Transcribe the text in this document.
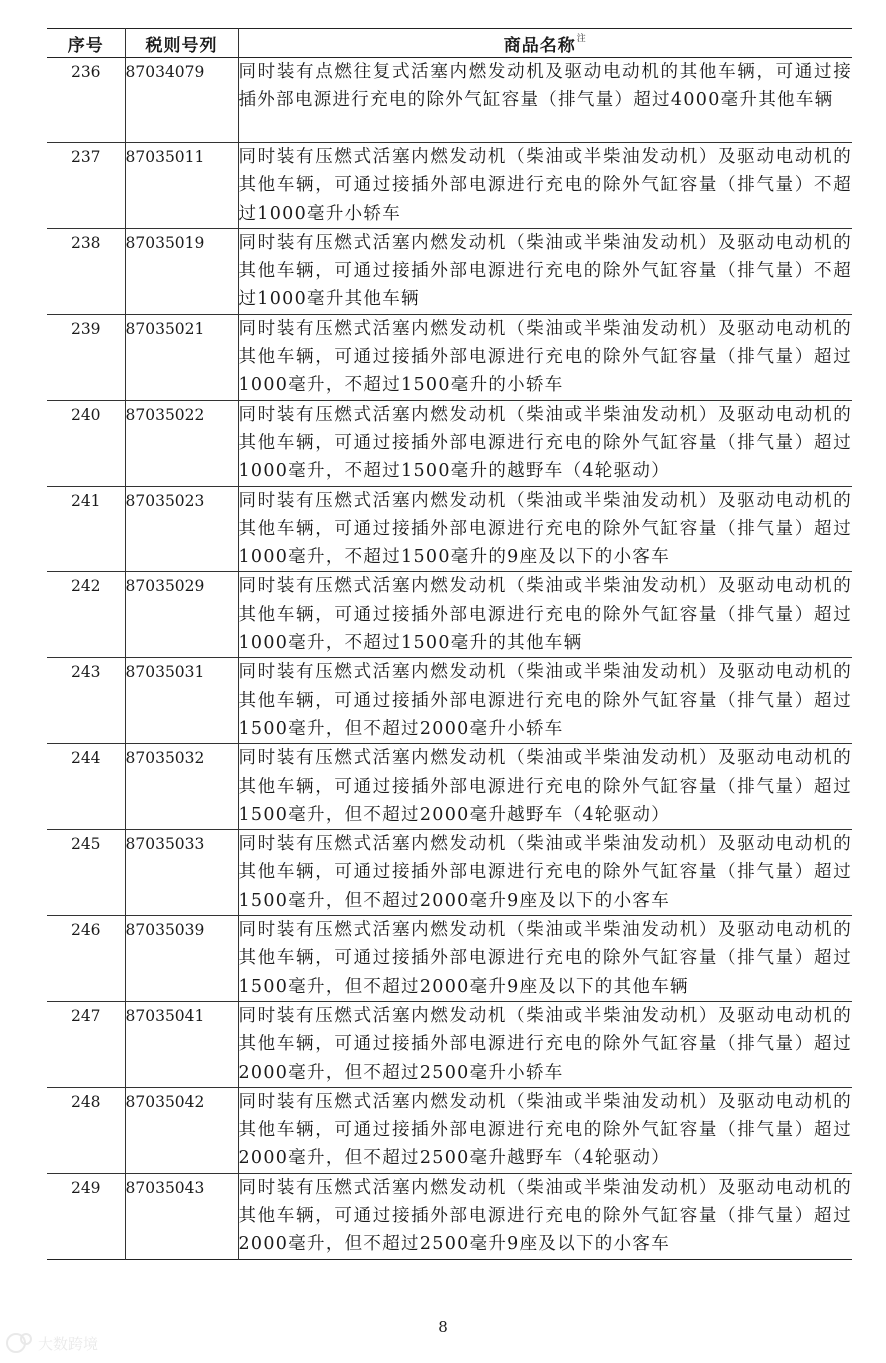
序号	税则号列	商品名称$^注$
236	87034079	同时装有点燃往复式活塞内燃发动机及驱动电动机的其他车辆，可通过接插外部电源进行充电的除外气缸容量（排气量）超过4000毫升其他车辆
237	87035011	同时装有压燃式活塞内燃发动机（柴油或半柴油发动机）及驱动电动机的其他车辆，可通过接插外部电源进行充电的除外气缸容量（排气量）不超过1000毫升小轿车
238	87035019	同时装有压燃式活塞内燃发动机（柴油或半柴油发动机）及驱动电动机的其他车辆，可通过接插外部电源进行充电的除外气缸容量（排气量）不超过1000毫升其他车辆
239	87035021	同时装有压燃式活塞内燃发动机（柴油或半柴油发动机）及驱动电动机的其他车辆，可通过接插外部电源进行充电的除外气缸容量（排气量）超过1000毫升，不超过1500毫升的小轿车
240	87035022	同时装有压燃式活塞内燃发动机（柴油或半柴油发动机）及驱动电动机的其他车辆，可通过接插外部电源进行充电的除外气缸容量（排气量）超过1000毫升，不超过1500毫升的越野车（4轮驱动）
241	87035023	同时装有压燃式活塞内燃发动机（柴油或半柴油发动机）及驱动电动机的其他车辆，可通过接插外部电源进行充电的除外气缸容量（排气量）超过1000毫升，不超过1500毫升的9座及以下的小客车
242	87035029	同时装有压燃式活塞内燃发动机（柴油或半柴油发动机）及驱动电动机的其他车辆，可通过接插外部电源进行充电的除外气缸容量（排气量）超过1000毫升，不超过1500毫升的其他车辆
243	87035031	同时装有压燃式活塞内燃发动机（柴油或半柴油发动机）及驱动电动机的其他车辆，可通过接插外部电源进行充电的除外气缸容量（排气量）超过1500毫升，但不超过2000毫升小轿车
244	87035032	同时装有压燃式活塞内燃发动机（柴油或半柴油发动机）及驱动电动机的其他车辆，可通过接插外部电源进行充电的除外气缸容量（排气量）超过1500毫升，但不超过2000毫升越野车（4轮驱动）
245	87035033	同时装有压燃式活塞内燃发动机（柴油或半柴油发动机）及驱动电动机的其他车辆，可通过接插外部电源进行充电的除外气缸容量（排气量）超过1500毫升，但不超过2000毫升9座及以下的小客车
246	87035039	同时装有压燃式活塞内燃发动机（柴油或半柴油发动机）及驱动电动机的其他车辆，可通过接插外部电源进行充电的除外气缸容量（排气量）超过1500毫升，但不超过2000毫升9座及以下的其他车辆
247	87035041	同时装有压燃式活塞内燃发动机（柴油或半柴油发动机）及驱动电动机的其他车辆，可通过接插外部电源进行充电的除外气缸容量（排气量）超过2000毫升，但不超过2500毫升小轿车
248	87035042	同时装有压燃式活塞内燃发动机（柴油或半柴油发动机）及驱动电动机的其他车辆，可通过接插外部电源进行充电的除外气缸容量（排气量）超过2000毫升，但不超过2500毫升越野车（4轮驱动）
249	87035043	同时装有压燃式活塞内燃发动机（柴油或半柴油发动机）及驱动电动机的其他车辆，可通过接插外部电源进行充电的除外气缸容量（排气量）超过2000毫升，但不超过2500毫升9座及以下的小客车
8
大数跨境
